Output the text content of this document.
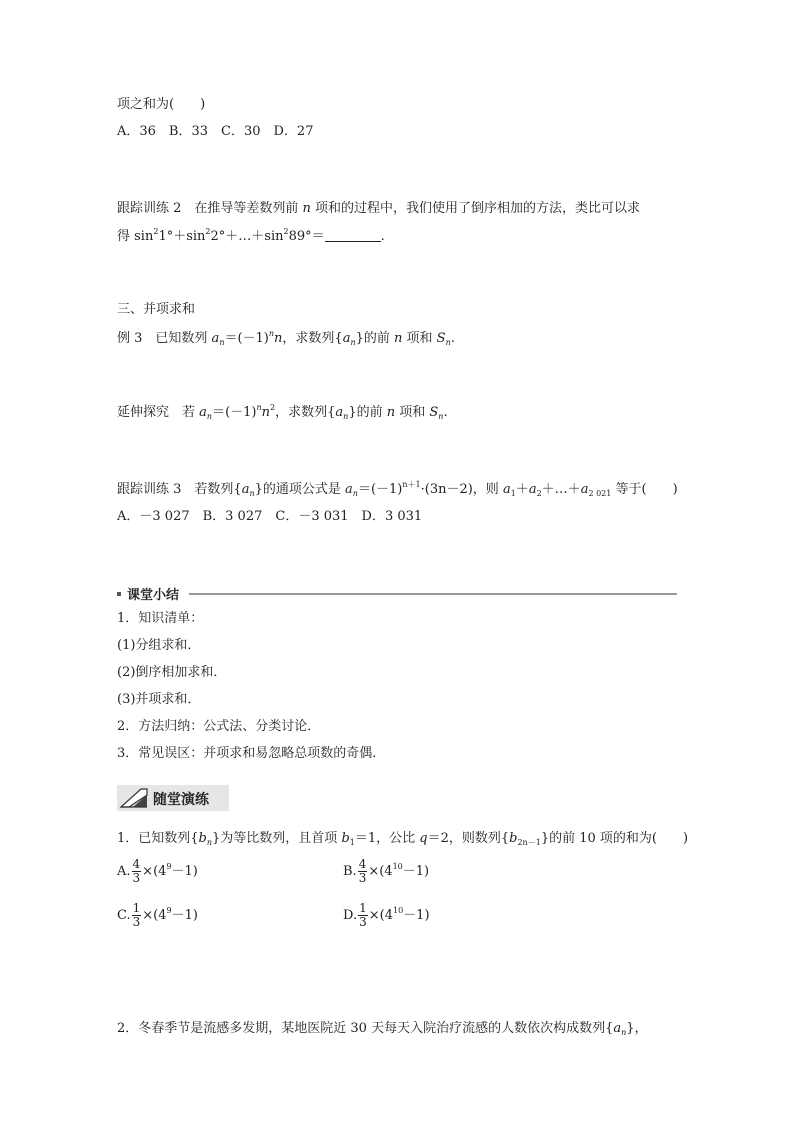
项之和为(　　)
A．36　B．33　C．30　D．27
跟踪训练 2　在推导等差数列前 n 项和的过程中，我们使用了倒序相加的方法，类比可以求
得 $\sin^21^\circ+\sin^22^\circ+\dots+\sin^289^\circ=$	.
三、并项求和
例 3　已知数列 $a_n=(-1)^nn$，求数列$\{a_n\}$的前 n 项和 $S_n$.
延伸探究　若 $a_n=(-1)^nn^2$，求数列$\{a_n\}$的前 n 项和 $S_n$.
跟踪训练 3　若数列$\{a_n\}$的通项公式是 $a_n=(-1)^{n+1}\cdot(3n-2)$，则 $a_1+a_2+\dots+a_{2 021}$ 等于(　　)
A．－3 027　B．3 027　C．－3 031　D．3 031
课堂小结
1．知识清单：
(1)分组求和．
(2)倒序相加求和．
(3)并项求和．
2．方法归纳：公式法、分类讨论．
3．常见误区：并项求和易忽略总项数的奇偶．
随堂演练
1．已知数列$\{b_n\}$为等比数列，且首项 $b_1=1$，公比 q＝2，则数列$\{b_{2n-1}\}$的前 10 项的和为(　　)
A. $\frac{4}{3} \times(4^9-1)$	B. $\frac{4}{3} \times(4^{10}-1)$
C. $\frac{1}{3} \times(4^9-1)$	D. $\frac{1}{3} \times(4^{10}-1)$
2．冬春季节是流感多发期，某地医院近 30 天每天入院治疗流感的人数依次构成数列$\{a_n\}$，
